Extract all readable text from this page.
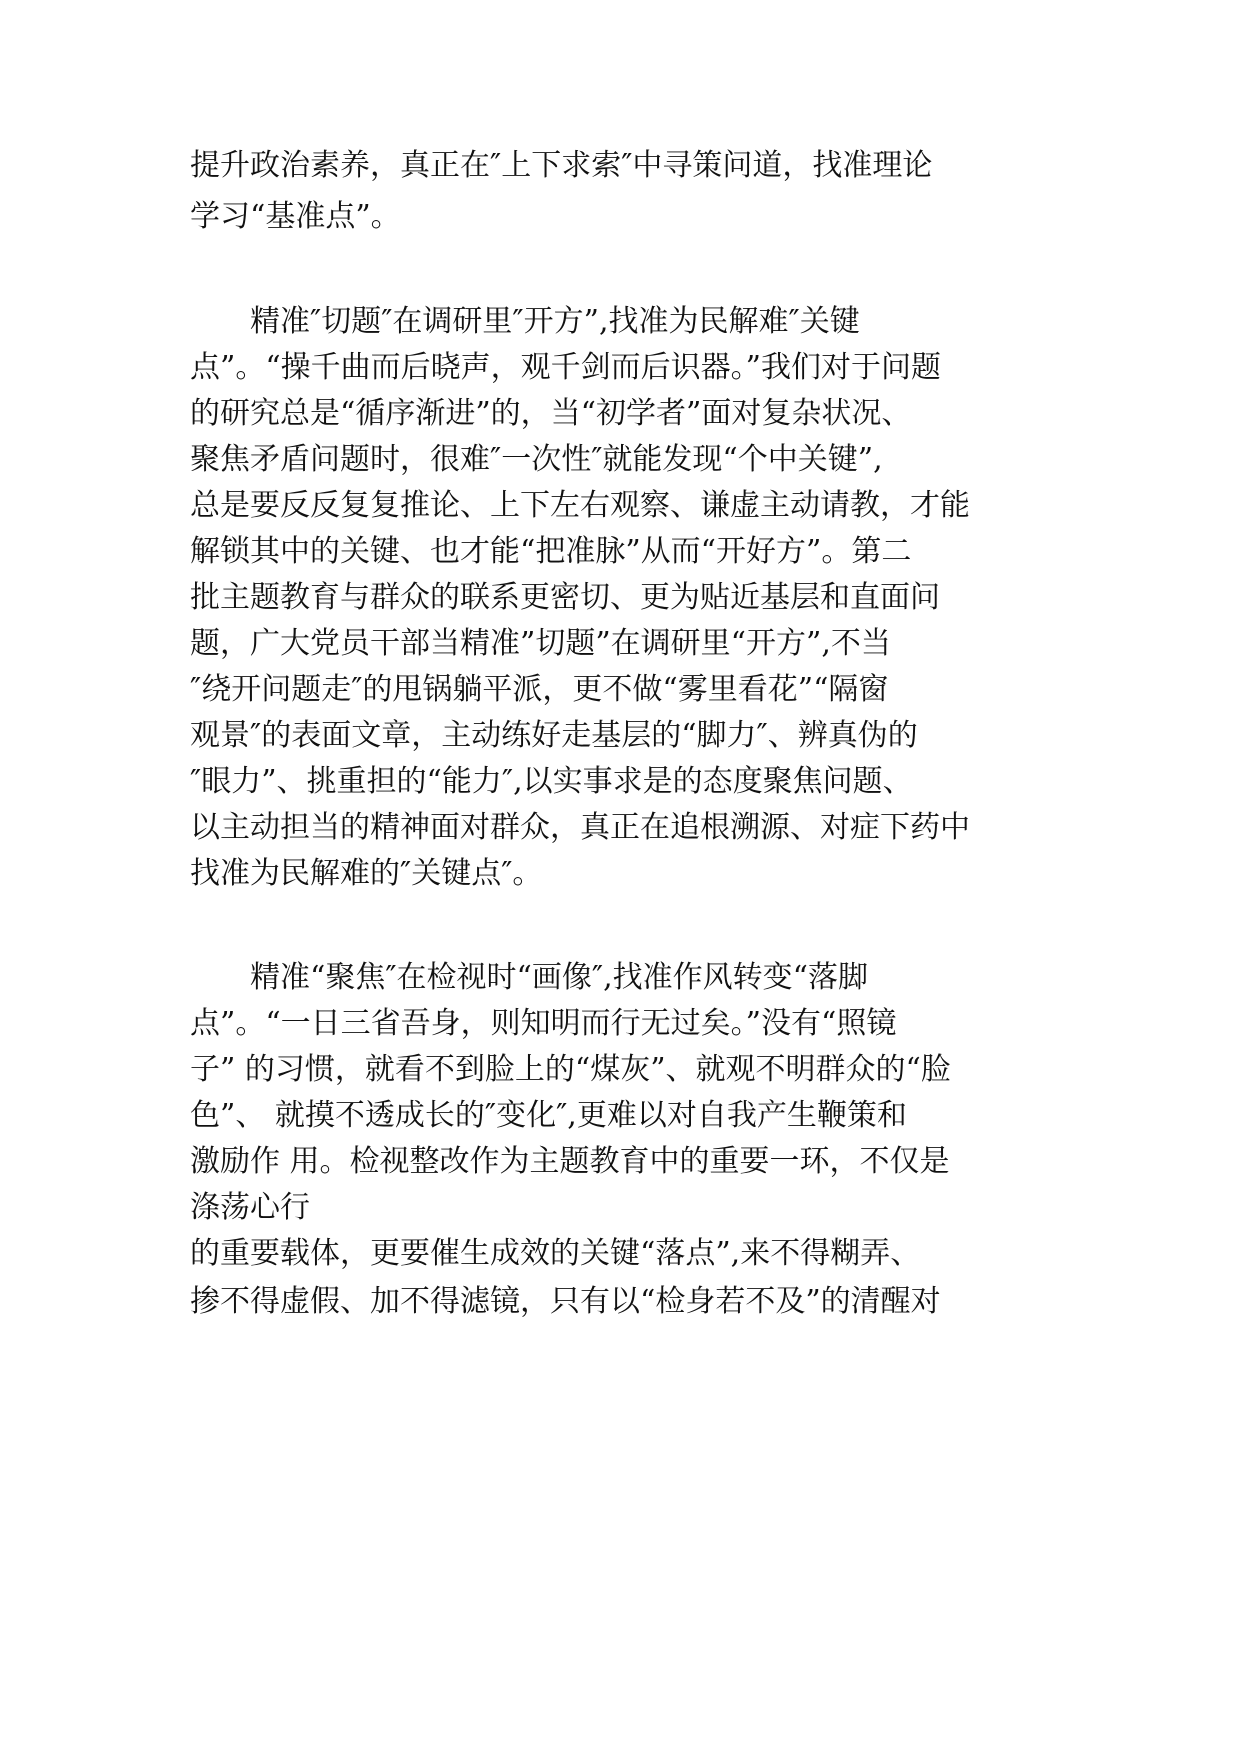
提升政治素养，真正在″上下求索″中寻策问道，找准理论

学习“基准点”。

精准″切题″在调研里″开方”,找准为民解难″关键

点”。“操千曲而后晓声，观千剑而后识器。”我们对于问题

的研究总是“循序渐进”的，当“初学者”面对复杂状况、

聚焦矛盾问题时，很难″一次性″就能发现“个中关键”,

总是要反反复复推论、上下左右观察、谦虚主动请教，才能

解锁其中的关键、也才能“把准脉”从而“开好方”。第二

批主题教育与群众的联系更密切、更为贴近基层和直面问

题，广大党员干部当精准”切题”在调研里“开方”,不当

″绕开问题走″的甩锅躺平派，更不做“雾里看花”“隔窗

观景″的表面文章，主动练好走基层的“脚力″、辨真伪的

″眼力”、挑重担的“能力″,以实事求是的态度聚焦问题、

以主动担当的精神面对群众，真正在追根溯源、对症下药中

找准为民解难的″关键点″。

精准“聚焦″在检视时“画像″,找准作风转变“落脚

点”。“一日三省吾身，则知明而行无过矣。”没有“照镜

子” 的习惯，就看不到脸上的“煤灰”、就观不明群众的“脸

色”、 就摸不透成长的″变化″,更难以对自我产生鞭策和

激励作 用。检视整改作为主题教育中的重要一环，不仅是

涤荡心行

的重要载体，更要催生成效的关键“落点”,来不得糊弄、

掺不得虚假、加不得滤镜，只有以“检身若不及”的清醒对
